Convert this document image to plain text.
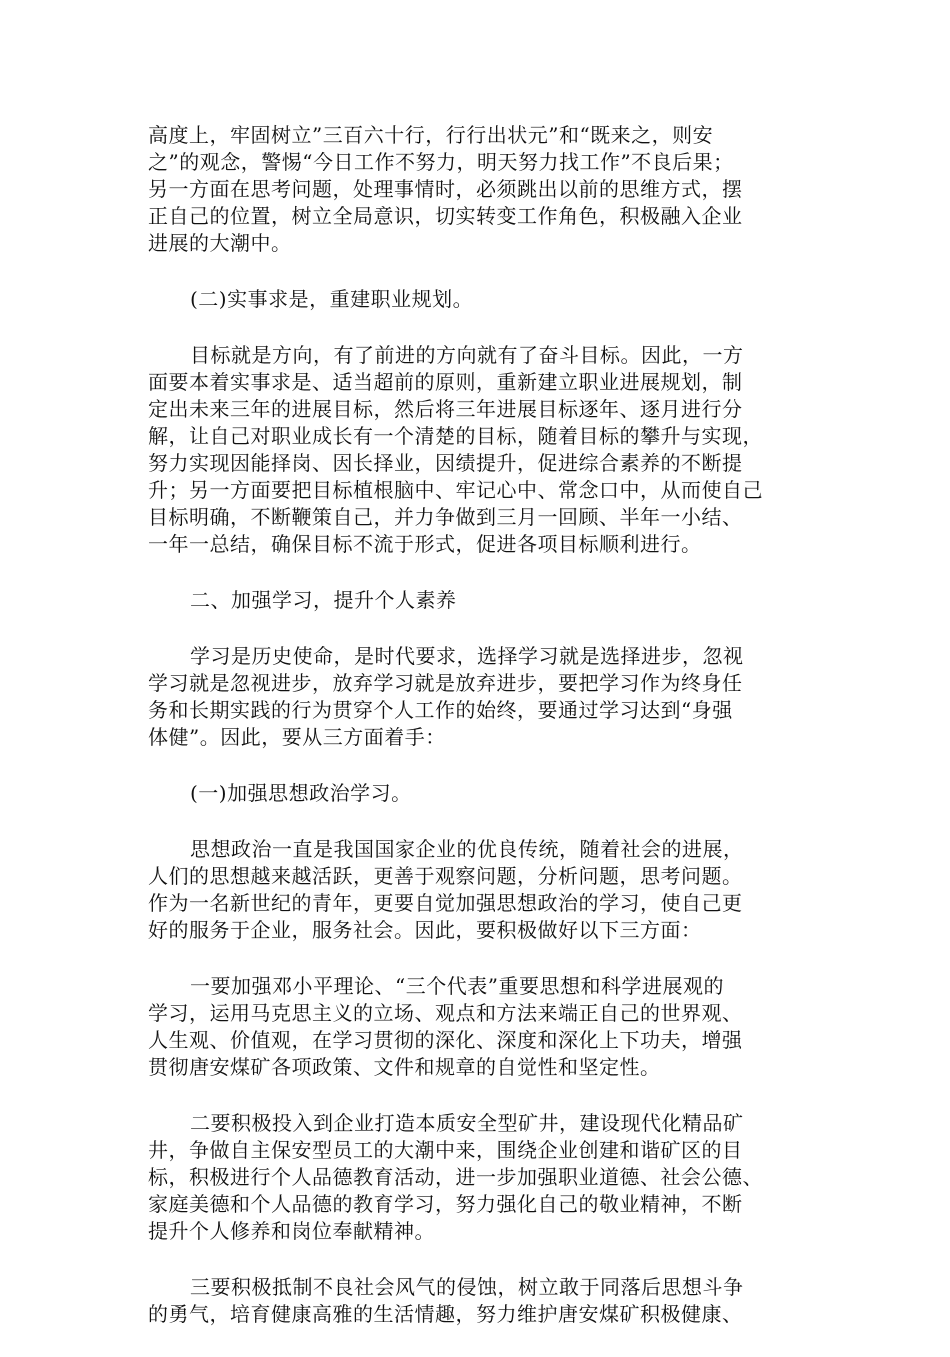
高度上，牢固树立”三百六十行，行行出状元”和“既来之，则安
之”的观念，警惕“今日工作不努力，明天努力找工作”不良后果；
另一方面在思考问题，处理事情时，必须跳出以前的思维方式，摆
正自己的位置，树立全局意识，切实转变工作角色，积极融入企业
进展的大潮中。
(二)实事求是，重建职业规划。
目标就是方向，有了前进的方向就有了奋斗目标。因此，一方
面要本着实事求是、适当超前的原则，重新建立职业进展规划，制
定出未来三年的进展目标，然后将三年进展目标逐年、逐月进行分
解，让自己对职业成长有一个清楚的目标，随着目标的攀升与实现，
努力实现因能择岗、因长择业，因绩提升，促进综合素养的不断提
升；另一方面要把目标植根脑中、牢记心中、常念口中，从而使自己
目标明确，不断鞭策自己，并力争做到三月一回顾、半年一小结、
一年一总结，确保目标不流于形式，促进各项目标顺利进行。
二、加强学习，提升个人素养
学习是历史使命，是时代要求，选择学习就是选择进步，忽视
学习就是忽视进步，放弃学习就是放弃进步，要把学习作为终身任
务和长期实践的行为贯穿个人工作的始终，要通过学习达到“身强
体健”。因此，要从三方面着手：
(一)加强思想政治学习。
思想政治一直是我国国家企业的优良传统，随着社会的进展，
人们的思想越来越活跃，更善于观察问题，分析问题，思考问题。
作为一名新世纪的青年，更要自觉加强思想政治的学习，使自己更
好的服务于企业，服务社会。因此，要积极做好以下三方面：
一要加强邓小平理论、“三个代表”重要思想和科学进展观的
学习，运用马克思主义的立场、观点和方法来端正自己的世界观、
人生观、价值观，在学习贯彻的深化、深度和深化上下功夫，增强
贯彻唐安煤矿各项政策、文件和规章的自觉性和坚定性。
二要积极投入到企业打造本质安全型矿井，建设现代化精品矿
井，争做自主保安型员工的大潮中来，围绕企业创建和谐矿区的目
标，积极进行个人品德教育活动，进一步加强职业道德、社会公德、
家庭美德和个人品德的教育学习，努力强化自己的敬业精神，不断
提升个人修养和岗位奉献精神。
三要积极抵制不良社会风气的侵蚀，树立敢于同落后思想斗争
的勇气，培育健康高雅的生活情趣，努力维护唐安煤矿积极健康、
